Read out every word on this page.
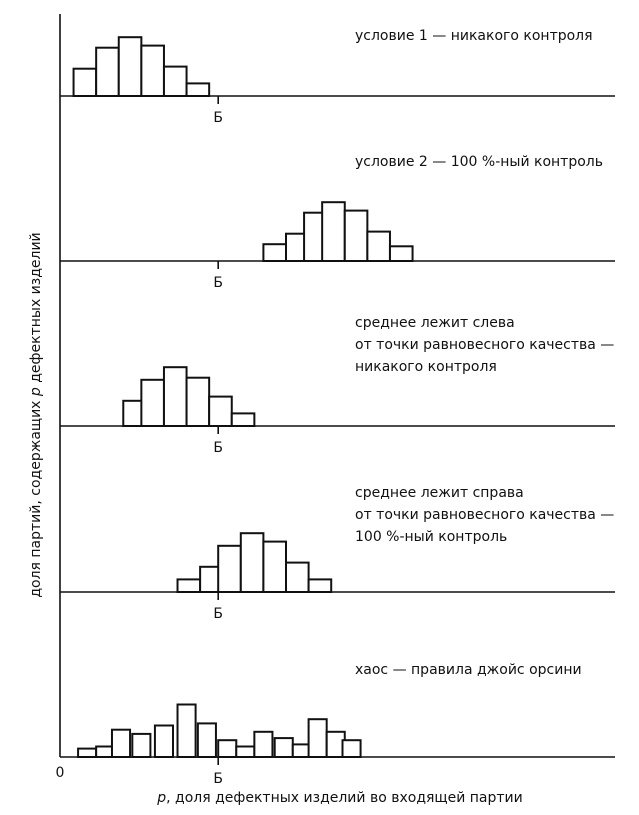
доля партий, содержащих p дефектных изделий
0
p, доля дефектных изделий во входящей партии
условие 1 — никакого контроля
Б
условие 2 — 100 %-ный контроль
Б
среднее лежит слева
от точки равновесного качества —
никакого контроля
Б
среднее лежит справа
от точки равновесного качества —
100 %-ный контроль
Б
хаос — правила джойс орсини
Б
